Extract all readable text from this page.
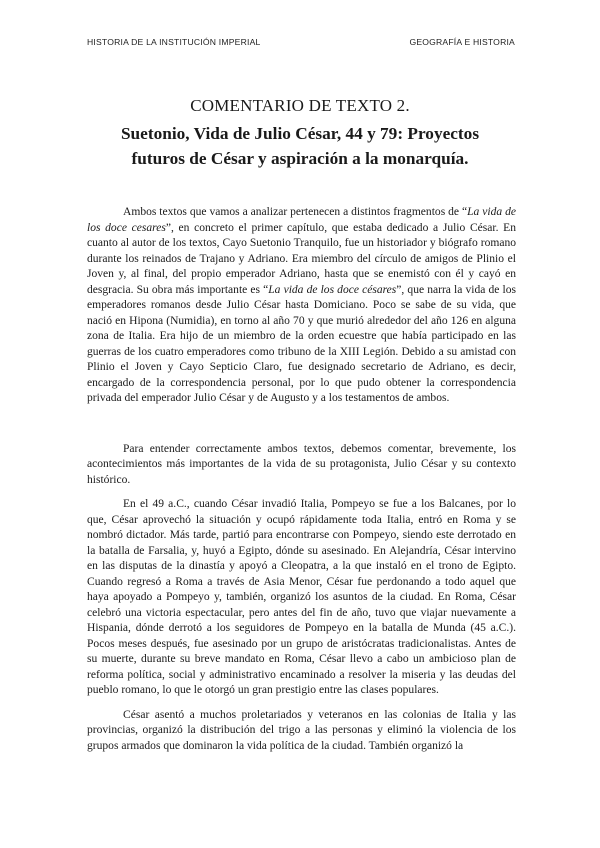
HISTORIA DE LA INSTITUCIÓN IMPERIAL	GEOGRAFÍA E HISTORIA
COMENTARIO DE TEXTO 2.
Suetonio, Vida de Julio César, 44 y 79: Proyectos futuros de César y aspiración a la monarquía.

Ambos textos que vamos a analizar pertenecen a distintos fragmentos de “La vida de los doce cesares”, en concreto el primer capítulo, que estaba dedicado a Julio César. En cuanto al autor de los textos, Cayo Suetonio Tranquilo, fue un historiador y biógrafo romano durante los reinados de Trajano y Adriano. Era miembro del círculo de amigos de Plinio el Joven y, al final, del propio emperador Adriano, hasta que se enemistó con él y cayó en desgracia. Su obra más importante es “La vida de los doce césares”, que narra la vida de los emperadores romanos desde Julio César hasta Domiciano. Poco se sabe de su vida, que nació en Hipona (Numidia), en torno al año 70 y que murió alrededor del año 126 en alguna zona de Italia. Era hijo de un miembro de la orden ecuestre que había participado en las guerras de los cuatro emperadores como tribuno de la XIII Legión. Debido a su amistad con Plinio el Joven y Cayo Septicio Claro, fue designado secretario de Adriano, es decir, encargado de la correspondencia personal, por lo que pudo obtener la correspondencia privada del emperador Julio César y de Augusto y a los testamentos de ambos.

Para entender correctamente ambos textos, debemos comentar, brevemente, los acontecimientos más importantes de la vida de su protagonista, Julio César y su contexto histórico.

En el 49 a.C., cuando César invadió Italia, Pompeyo se fue a los Balcanes, por lo que, César aprovechó la situación y ocupó rápidamente toda Italia, entró en Roma y se nombró dictador. Más tarde, partió para encontrarse con Pompeyo, siendo este derrotado en la batalla de Farsalia, y, huyó a Egipto, dónde su asesinado. En Alejandría, César intervino en las disputas de la dinastía y apoyó a Cleopatra, a la que instaló en el trono de Egipto. Cuando regresó a Roma a través de Asia Menor, César fue perdonando a todo aquel que haya apoyado a Pompeyo y, también, organizó los asuntos de la ciudad. En Roma, César celebró una victoria espectacular, pero antes del fin de año, tuvo que viajar nuevamente a Hispania, dónde derrotó a los seguidores de Pompeyo en la batalla de Munda (45 a.C.). Pocos meses después, fue asesinado por un grupo de aristócratas tradicionalistas. Antes de su muerte, durante su breve mandato en Roma, César llevo a cabo un ambicioso plan de reforma política, social y administrativo encaminado a resolver la miseria y las deudas del pueblo romano, lo que le otorgó un gran prestigio entre las clases populares.

César asentó a muchos proletariados y veteranos en las colonias de Italia y las provincias, organizó la distribución del trigo a las personas y eliminó la violencia de los grupos armados que dominaron la vida política de la ciudad. También organizó la
